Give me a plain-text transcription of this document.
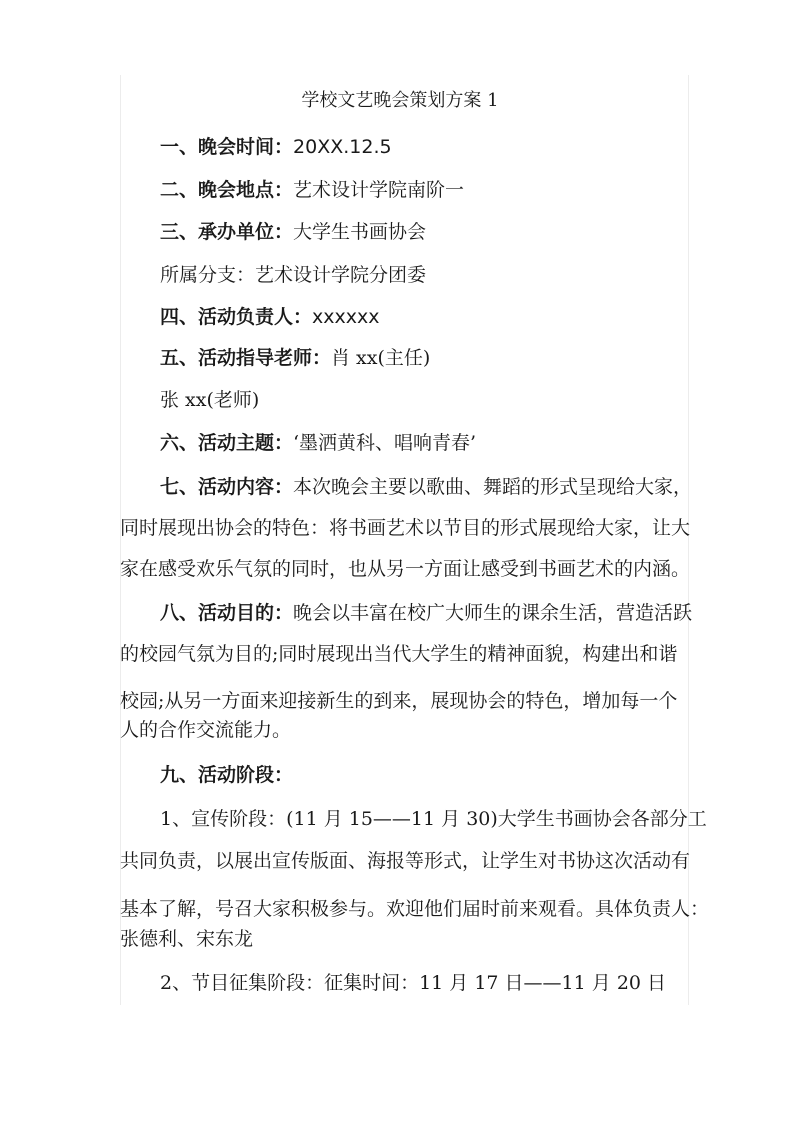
学校文艺晚会策划方案 1
一、晚会时间：20XX.12.5
二、晚会地点：艺术设计学院南阶一
三、承办单位：大学生书画协会
所属分支：艺术设计学院分团委
四、活动负责人：xxxxxx
五、活动指导老师：肖 xx(主任)
张 xx(老师)
六、活动主题：‘墨洒黄科、唱响青春’
七、活动内容：本次晚会主要以歌曲、舞蹈的形式呈现给大家，
同时展现出协会的特色：将书画艺术以节目的形式展现给大家，让大
家在感受欢乐气氛的同时，也从另一方面让感受到书画艺术的内涵。
八、活动目的：晚会以丰富在校广大师生的课余生活，营造活跃
的校园气氛为目的;同时展现出当代大学生的精神面貌，构建出和谐
校园;从另一方面来迎接新生的到来，展现协会的特色，增加每一个
人的合作交流能力。
九、活动阶段：
1、宣传阶段：(11 月 15——11 月 30)大学生书画协会各部分工
共同负责，以展出宣传版面、海报等形式，让学生对书协这次活动有
基本了解，号召大家积极参与。欢迎他们届时前来观看。具体负责人：
张德利、宋东龙
2、节目征集阶段：征集时间：11 月 17 日——11 月 20 日
